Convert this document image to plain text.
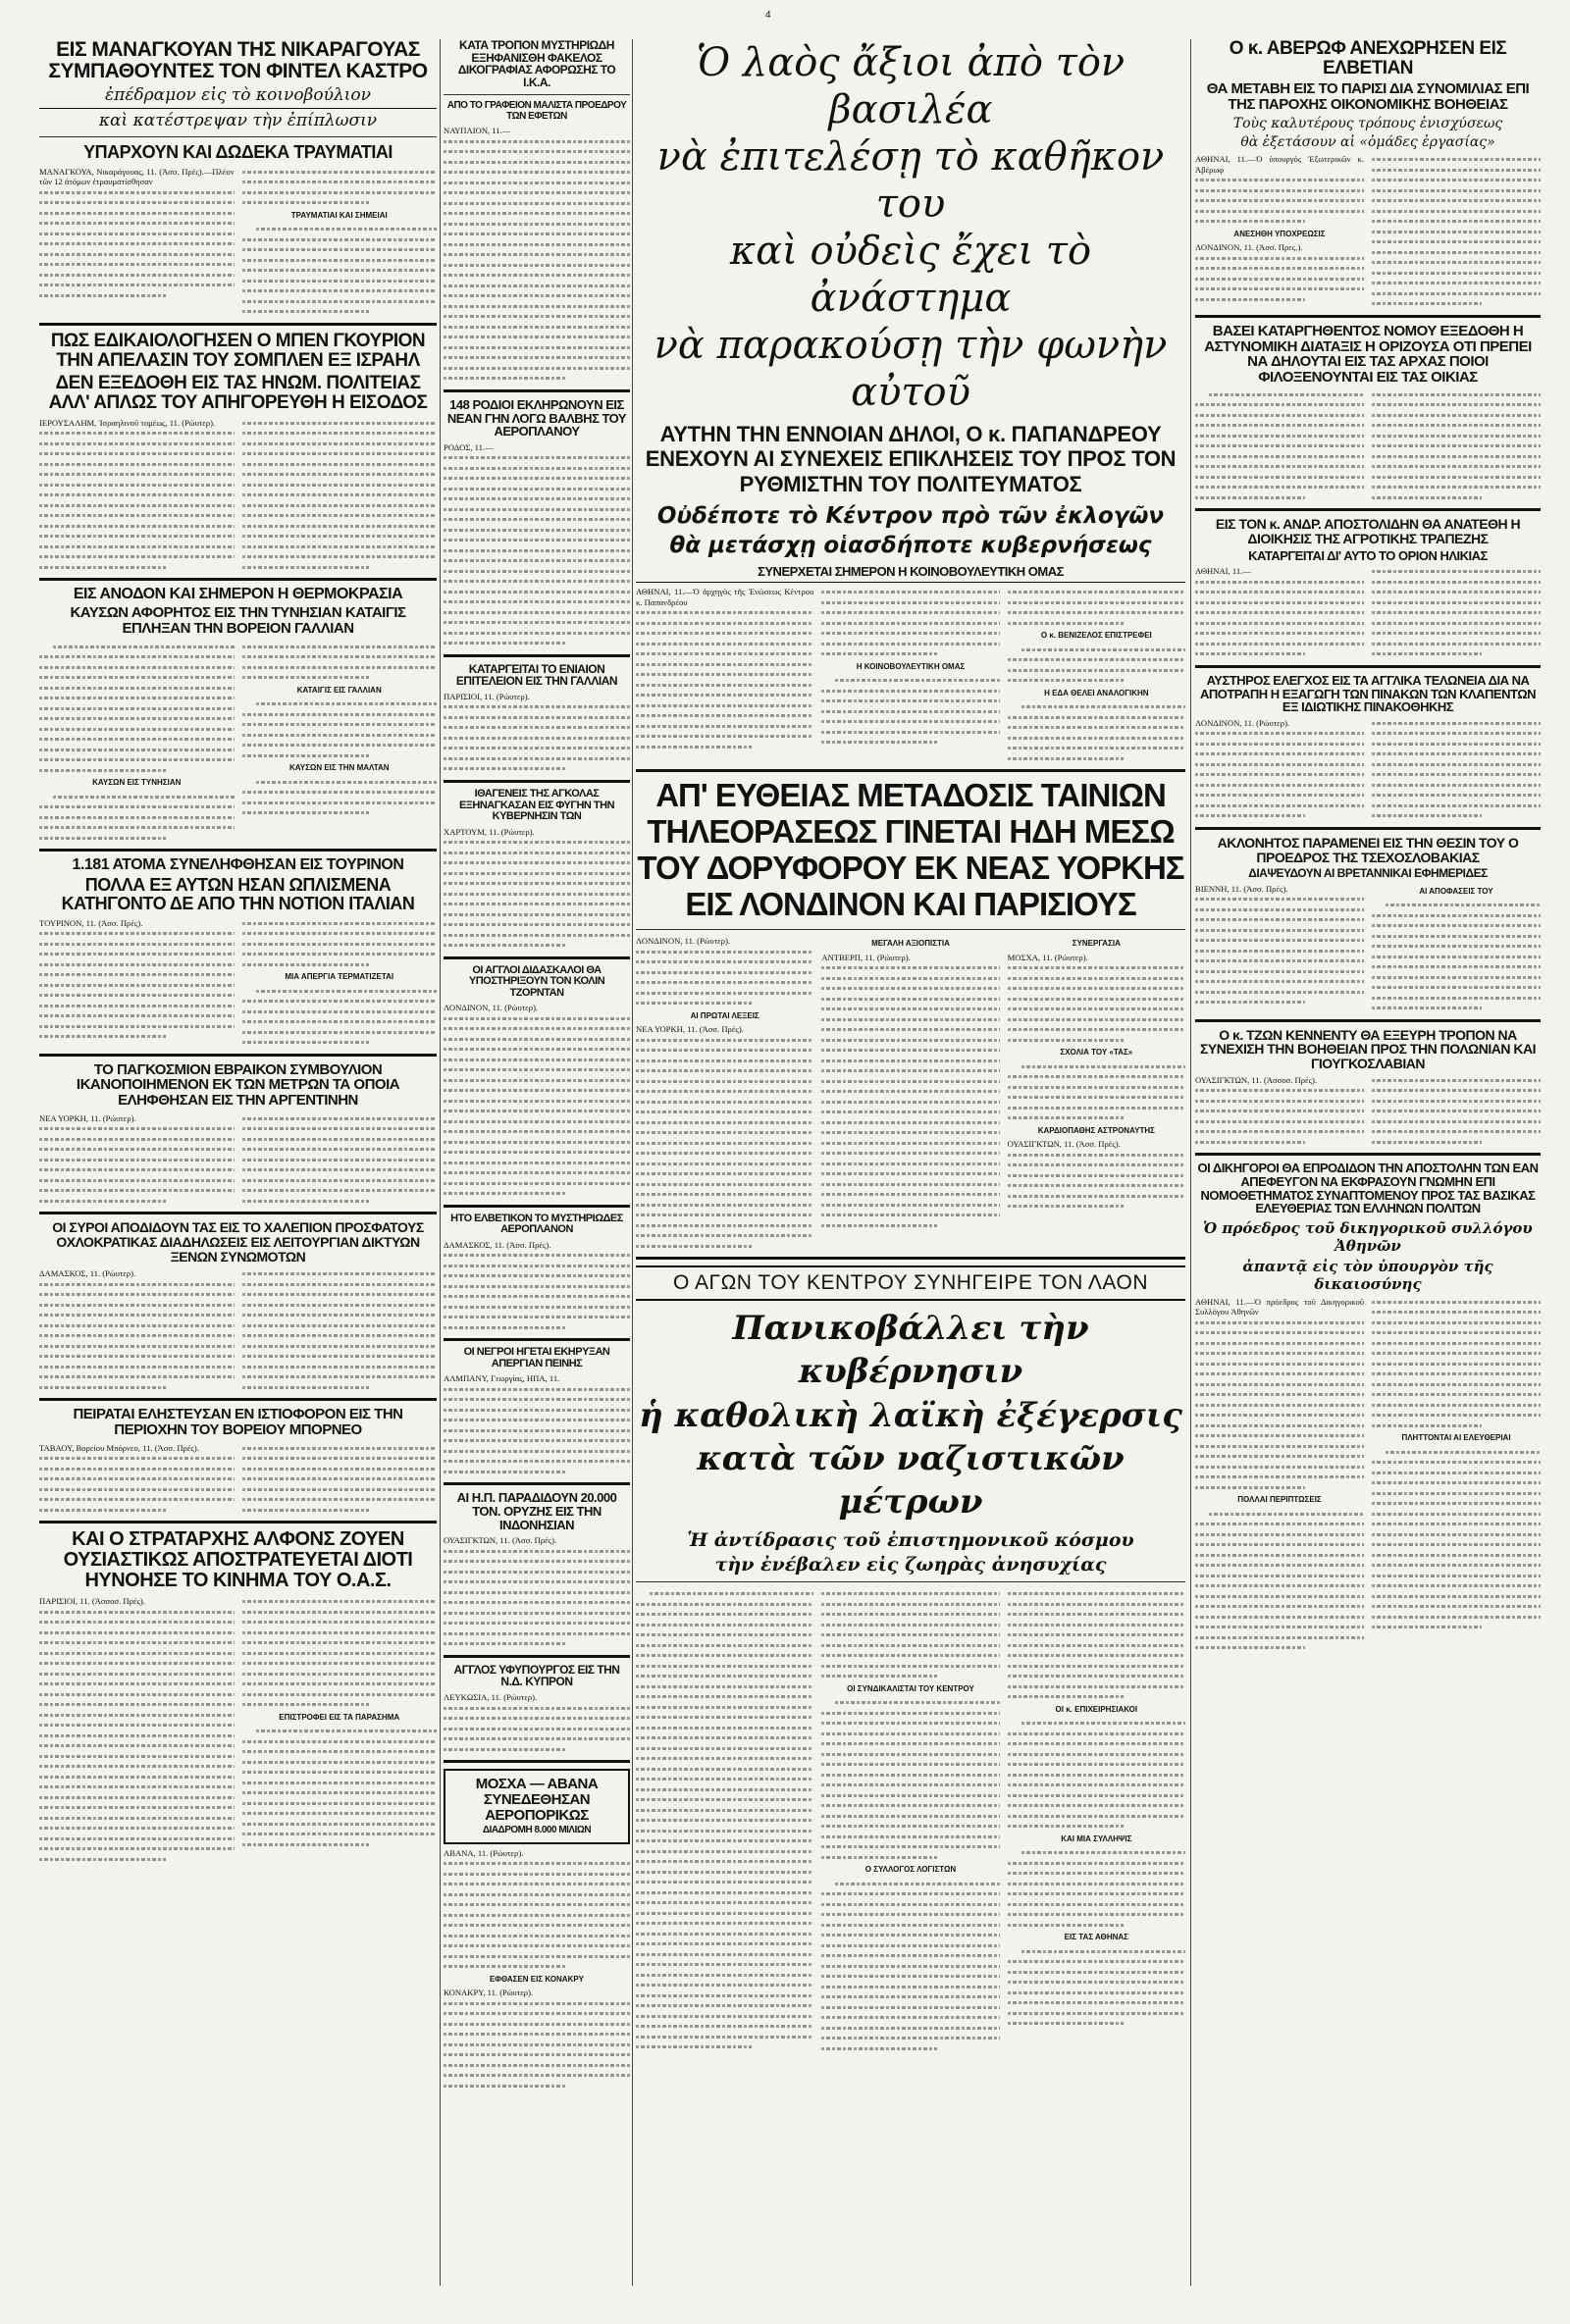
ΕΙΣ ΜΑΝΑΓΚΟΥΑΝ ΤΗΣ ΝΙΚΑΡΑΓΟΥΑΣ ΣΥΜΠΑΘΟΥΝΤΕΣ ΤΟΝ ΦΙΝΤΕΛ ΚΑΣΤΡΟ
ἐπέδραμον εἰς τὸ κοινοβούλιον
καὶ κατέστρεψαν τὴν ἐπίπλωσιν
ΥΠΑΡΧΟΥΝ ΚΑΙ ΔΩΔΕΚΑ ΤΡΑΥΜΑΤΙΑΙ
ΜΑΝΑΓΚΟΥΑ, Νικαράγουας, 11. (Ἀσσ. Πρές).—Πλέον τῶν 12 ἀτόμων ἐτραυματίσθησαν
ΤΡΑΥΜΑΤΙΑΙ ΚΑΙ ΣΗΜΕΙΑΙ
ΠΩΣ ΕΔΙΚΑΙΟΛΟΓΗΣΕΝ Ο ΜΠΕΝ ΓΚΟΥΡΙΟΝ ΤΗΝ ΑΠΕΛΑΣΙΝ ΤΟΥ ΣΟΜΠΛΕΝ ΕΞ ΙΣΡΑΗΛ
ΔΕΝ ΕΞΕΔΟΘΗ ΕΙΣ ΤΑΣ ΗΝΩΜ. ΠΟΛΙΤΕΙΑΣ ΑΛΛ' ΑΠΛΩΣ ΤΟΥ ΑΠΗΓΟΡΕΥΘΗ Η ΕΙΣΟΔΟΣ
ΙΕΡΟΥΣΑΛΗΜ, Ἰσραηλινοῦ τομέως, 11. (Ρώυτερ).
ΕΙΣ ΑΝΟΔΟΝ ΚΑΙ ΣΗΜΕΡΟΝ Η ΘΕΡΜΟΚΡΑΣΙΑ
ΚΑΥΣΩΝ ΑΦΟΡΗΤΟΣ ΕΙΣ ΤΗΝ ΤΥΝΗΣΙΑΝ ΚΑΤΑΙΓΙΣ ΕΠΛΗΞΑΝ ΤΗΝ ΒΟΡΕΙΟΝ ΓΑΛΛΙΑΝ
ΚΑΥΣΩΝ ΕΙΣ ΤΥΝΗΣΙΑΝ
ΚΑΤΑΙΓΙΣ ΕΙΣ ΓΑΛΛΙΑΝ
ΚΑΥΣΩΝ ΕΙΣ ΤΗΝ ΜΑΛΤΑΝ
1.181 ΑΤΟΜΑ ΣΥΝΕΛΗΦΘΗΣΑΝ ΕΙΣ ΤΟΥΡΙΝΟΝ
ΠΟΛΛΑ ΕΞ ΑΥΤΩΝ ΗΣΑΝ ΩΠΛΙΣΜΕΝΑ ΚΑΤΗΓΟΝΤΟ ΔΕ ΑΠΟ ΤΗΝ ΝΟΤΙΟΝ ΙΤΑΛΙΑΝ
ΤΟΥΡΙΝΟΝ, 11. (Ἀσσ. Πρές).
ΜΙΑ ΑΠΕΡΓΙΑ ΤΕΡΜΑΤΙΖΕΤΑΙ
ΤΟ ΠΑΓΚΟΣΜΙΟΝ ΕΒΡΑΙΚΟΝ ΣΥΜΒΟΥΛΙΟΝ ΙΚΑΝΟΠΟΙΗΜΕΝΟΝ ΕΚ ΤΩΝ ΜΕΤΡΩΝ ΤΑ ΟΠΟΙΑ ΕΛΗΦΘΗΣΑΝ ΕΙΣ ΤΗΝ ΑΡΓΕΝΤΙΝΗΝ
ΝΕΑ ΥΟΡΚΗ, 11. (Ρώυτερ).
ΟΙ ΣΥΡΟΙ ΑΠΟΔΙΔΟΥΝ ΤΑΣ ΕΙΣ ΤΟ ΧΑΛΕΠΙΟΝ ΠΡΟΣΦΑΤΟΥΣ ΟΧΛΟΚΡΑΤΙΚΑΣ ΔΙΑΔΗΛΩΣΕΙΣ ΕΙΣ ΛΕΙΤΟΥΡΓΙΑΝ ΔΙΚΤΥΩΝ ΞΕΝΩΝ ΣΥΝΩΜΟΤΩΝ
ΔΑΜΑΣΚΟΣ, 11. (Ρώυτερ).
ΠΕΙΡΑΤΑΙ ΕΛΗΣΤΕΥΣΑΝ ΕΝ ΙΣΤΙΟΦΟΡΟΝ ΕΙΣ ΤΗΝ ΠΕΡΙΟΧΗΝ ΤΟΥ ΒΟΡΕΙΟΥ ΜΠΟΡΝΕΟ
ΤΑΒΑΟΥ, Βορείου Μπόρνεο, 11. (Ἀσσ. Πρές).
ΚΑΙ Ο ΣΤΡΑΤΑΡΧΗΣ ΑΛΦΟΝΣ ΖΟΥΕΝ ΟΥΣΙΑΣΤΙΚΩΣ ΑΠΟΣΤΡΑΤΕΥΕΤΑΙ ΔΙΟΤΙ ΗΥΝΟΗΣΕ ΤΟ ΚΙΝΗΜΑ ΤΟΥ Ο.Α.Σ.
ΠΑΡΙΣΙΟΙ, 11. (Ἀσσοσ. Πρές).
ΕΠΙΣΤΡΟΦΕΙ ΕΙΣ ΤΑ ΠΑΡΑΣΗΜΑ
ΚΑΤΑ ΤΡΟΠΟΝ ΜΥΣΤΗΡΙΩΔΗ ΕΞΗΦΑΝΙΣΘΗ ΦΑΚΕΛΟΣ ΔΙΚΟΓΡΑΦΙΑΣ ΑΦΟΡΩΣΗΣ ΤΟ Ι.Κ.Α.
ΑΠΟ ΤΟ ΓΡΑΦΕΙΟΝ ΜΑΛΙΣΤΑ ΠΡΟΕΔΡΟΥ ΤΩΝ ΕΦΕΤΩΝ
ΝΑΥΠΛΙΟΝ, 11.—
148 ΡΟΔΙΟΙ ΕΚΛΗΡΩΝΟΥΝ ΕΙΣ ΝΕΑΝ ΓΗΝ ΛΟΓΩ ΒΑΛΒΗΣ ΤΟΥ ΑΕΡΟΠΛΑΝΟΥ
ΡΟΔΟΣ, 11.—
ΚΑΤΑΡΓΕΙΤΑΙ ΤΟ ΕΝΙΑΙΟΝ ΕΠΙΤΕΛΕΙΟΝ ΕΙΣ ΤΗΝ ΓΑΛΛΙΑΝ
ΠΑΡΙΣΙΟΙ, 11. (Ρώυτερ).
ΙΘΑΓΕΝΕΙΣ ΤΗΣ ΑΓΚΟΛΑΣ ΕΞΗΝΑΓΚΑΣΑΝ ΕΙΣ ΦΥΓΗΝ ΤΗΝ ΚΥΒΕΡΝΗΣΙΝ ΤΩΝ
ΧΑΡΤΟΥΜ, 11. (Ρώυτερ).
ΟΙ ΑΓΓΛΟΙ ΔΙΔΑΣΚΑΛΟΙ ΘΑ ΥΠΟΣΤΗΡΙΞΟΥΝ ΤΟΝ ΚΟΛΙΝ ΤΖΟΡΝΤΑΝ
ΛΟΝΔΙΝΟΝ, 11. (Ρώυτερ).
ΗΤΟ ΕΛΒΕΤΙΚΟΝ ΤΟ ΜΥΣΤΗΡΙΩΔΕΣ ΑΕΡΟΠΛΑΝΟΝ
ΔΑΜΑΣΚΟΣ, 11. (Ἀσσ. Πρές).
ΟΙ ΝΕΓΡΟΙ ΗΓΕΤΑΙ ΕΚΗΡΥΞΑΝ ΑΠΕΡΓΙΑΝ ΠΕΙΝΗΣ
ΑΛΜΠΑΝΥ, Γεωργίας, ΗΠΑ, 11.
ΑΙ Η.Π. ΠΑΡΑΔΙΔΟΥΝ 20.000 ΤΟΝ. ΟΡΥΖΗΣ ΕΙΣ ΤΗΝ ΙΝΔΟΝΗΣΙΑΝ
ΟΥΑΣΙΓΚΤΩΝ, 11. (Ἀσσ. Πρές).
ΑΓΓΛΟΣ ΥΦΥΠΟΥΡΓΟΣ ΕΙΣ ΤΗΝ Ν.Δ. ΚΥΠΡΟΝ
ΛΕΥΚΩΣΙΑ, 11. (Ρώυτερ).
ΜΟΣΧΑ — ΑΒΑΝΑ ΣΥΝΕΔΕΘΗΣΑΝ ΑΕΡΟΠΟΡΙΚΩΣ
ΔΙΑΔΡΟΜΗ 8.000 ΜΙΛΙΩΝ
ΑΒΑΝΑ, 11. (Ρώυτερ).
ΕΦΘΑΣΕΝ ΕΙΣ ΚΟΝΑΚΡΥ
ΚΟΝΑΚΡΥ, 11. (Ρώυτερ).
Ὁ λαὸς ἄξιοι ἀπὸ τὸν βασιλέα
νὰ ἐπιτελέσῃ τὸ καθῆκον του
καὶ οὐδεὶς ἔχει τὸ ἀνάστημα
νὰ παρακούσῃ τὴν φωνὴν αὐτοῦ
ΑΥΤΗΝ ΤΗΝ ΕΝΝΟΙΑΝ ΔΗΛΟΙ, Ο κ. ΠΑΠΑΝΔΡΕΟΥ ΕΝΕΧΟΥΝ ΑΙ ΣΥΝΕΧΕΙΣ ΕΠΙΚΛΗΣΕΙΣ ΤΟΥ ΠΡΟΣ ΤΟΝ ΡΥΘΜΙΣΤΗΝ ΤΟΥ ΠΟΛΙΤΕΥΜΑΤΟΣ
Οὐδέποτε τὸ Κέντρον πρὸ τῶν ἐκλογῶν
θὰ μετάσχῃ οἱασδήποτε κυβερνήσεως
ΣΥΝΕΡΧΕΤΑΙ ΣΗΜΕΡΟΝ Η ΚΟΙΝΟΒΟΥΛΕΥΤΙΚΗ ΟΜΑΣ
ΑΘΗΝΑΙ, 11.—Ὁ ἀρχηγὸς τῆς Ἑνώσεως Κέντρου κ. Παπανδρέου
Η ΚΟΙΝΟΒΟΥΛΕΥΤΙΚΗ ΟΜΑΣ
Ο κ. ΒΕΝΙΖΕΛΟΣ ΕΠΙΣΤΡΕΦΕΙ
Η ΕΔΑ ΘΕΛΕΙ ΑΝΑΛΟΓΙΚΗΝ
ΑΠ' ΕΥΘΕΙΑΣ ΜΕΤΑΔΟΣΙΣ ΤΑΙΝΙΩΝ ΤΗΛΕΟΡΑΣΕΩΣ ΓΙΝΕΤΑΙ ΗΔΗ ΜΕΣΩ ΤΟΥ ΔΟΡΥΦΟΡΟΥ ΕΚ ΝΕΑΣ ΥΟΡΚΗΣ ΕΙΣ ΛΟΝΔΙΝΟΝ ΚΑΙ ΠΑΡΙΣΙΟΥΣ
ΛΟΝΔΙΝΟΝ, 11. (Ρώυτερ).
ΑΙ ΠΡΩΤΑΙ ΛΕΞΕΙΣ
ΝΕΑ ΥΟΡΚΗ, 11. (Ἀσσ. Πρές).
ΜΕΓΑΛΗ ΑΞΙΟΠΙΣΤΙΑ
ΑΝΤΒΕΡΠ, 11. (Ρώυτερ).
ΣΥΝΕΡΓΑΣΙΑ
ΜΟΣΧΑ, 11. (Ρώυτερ).
ΣΧΟΛΙΑ ΤΟΥ «ΤΑΣ»
ΚΑΡΔΙΟΠΑΘΗΣ ΑΣΤΡΟΝΑΥΤΗΣ
ΟΥΑΣΙΓΚΤΩΝ, 11. (Ἀσσ. Πρές).
Ο ΑΓΩΝ ΤΟΥ ΚΕΝΤΡΟΥ ΣΥΝΗΓΕΙΡΕ ΤΟΝ ΛΑΟΝ
Πανικοβάλλει τὴν κυβέρνησιν
ἡ καθολικὴ λαϊκὴ ἐξέγερσις
κατὰ τῶν ναζιστικῶν μέτρων
Ἡ ἀντίδρασις τοῦ ἐπιστημονικοῦ κόσμου
τὴν ἐνέβαλεν εἰς ζωηρὰς ἀνησυχίας
ΟΙ ΣΥΝΔΙΚΑΛΙΣΤΑΙ ΤΟΥ ΚΕΝΤΡΟΥ
Ο ΣΥΛΛΟΓΟΣ ΛΟΓΙΣΤΩΝ
ΟΙ κ. ΕΠΙΧΕΙΡΗΣΙΑΚΟΙ
ΚΑΙ ΜΙΑ ΣΥΛΛΗΨΙΣ
ΕΙΣ ΤΑΣ ΑΘΗΝΑΣ
Ο κ. ΑΒΕΡΩΦ ΑΝΕΧΩΡΗΣΕΝ ΕΙΣ ΕΛΒΕΤΙΑΝ
ΘΑ ΜΕΤΑΒΗ ΕΙΣ ΤΟ ΠΑΡΙΣΙ ΔΙΑ ΣΥΝΟΜΙΛΙΑΣ ΕΠΙ ΤΗΣ ΠΑΡΟΧΗΣ ΟΙΚΟΝΟΜΙΚΗΣ ΒΟΗΘΕΙΑΣ
Τοὺς καλυτέρους τρόπους ἐνισχύσεως
θὰ ἐξετάσουν αἱ «ὁμάδες ἐργασίας»
ΑΘΗΝΑΙ, 11.—Ὁ ὑπουργὸς Ἐξωτερικῶν κ. Ἀβέρωφ
ΑΝΕΣΗΘΗ ΥΠΟΧΡΕΩΣΙΣ
ΛΟΝΔΙΝΟΝ, 11. (Ἀσσ. Πρες.).
ΒΑΣΕΙ ΚΑΤΑΡΓΗΘΕΝΤΟΣ ΝΟΜΟΥ ΕΞΕΔΟΘΗ Η ΑΣΤΥΝΟΜΙΚΗ ΔΙΑΤΑΞΙΣ Η ΟΡΙΖΟΥΣΑ ΟΤΙ ΠΡΕΠΕΙ ΝΑ ΔΗΛΟΥΤΑΙ ΕΙΣ ΤΑΣ ΑΡΧΑΣ ΠΟΙΟΙ ΦΙΛΟΞΕΝΟΥΝΤΑΙ ΕΙΣ ΤΑΣ ΟΙΚΙΑΣ
ΕΙΣ ΤΟΝ κ. ΑΝΔΡ. ΑΠΟΣΤΟΛΙΔΗΝ ΘΑ ΑΝΑΤΕΘΗ Η ΔΙΟΙΚΗΣΙΣ ΤΗΣ ΑΓΡΟΤΙΚΗΣ ΤΡΑΠΕΖΗΣ
ΚΑΤΑΡΓΕΙΤΑΙ ΔΙ' ΑΥΤΟ ΤΟ ΟΡΙΟΝ ΗΛΙΚΙΑΣ
ΑΘΗΝΑΙ, 11.—
ΑΥΣΤΗΡΟΣ ΕΛΕΓΧΟΣ ΕΙΣ ΤΑ ΑΓΓΛΙΚΑ ΤΕΛΩΝΕΙΑ ΔΙΑ ΝΑ ΑΠΟΤΡΑΠΗ Η ΕΞΑΓΩΓΗ ΤΩΝ ΠΙΝΑΚΩΝ ΤΩΝ ΚΛΑΠΕΝΤΩΝ ΕΞ ΙΔΙΩΤΙΚΗΣ ΠΙΝΑΚΟΘΗΚΗΣ
ΛΟΝΔΙΝΟΝ, 11. (Ρώυτερ).
ΑΚΛΟΝΗΤΟΣ ΠΑΡΑΜΕΝΕΙ ΕΙΣ ΤΗΝ ΘΕΣΙΝ ΤΟΥ Ο ΠΡΟΕΔΡΟΣ ΤΗΣ ΤΣΕΧΟΣΛΟΒΑΚΙΑΣ
ΔΙΑΨΕΥΔΟΥΝ ΑΙ ΒΡΕΤΑΝΝΙΚΑΙ ΕΦΗΜΕΡΙΔΕΣ
ΒΙΕΝΝΗ, 11. (Ἀσσ. Πρές).	ΑΙ ΑΠΟΦΑΣΕΙΣ ΤΟΥ
Ο κ. ΤΖΩΝ ΚΕΝΝΕΝΤΥ ΘΑ ΕΞΕΥΡΗ ΤΡΟΠΟΝ ΝΑ ΣΥΝΕΧΙΣΗ ΤΗΝ ΒΟΗΘΕΙΑΝ ΠΡΟΣ ΤΗΝ ΠΟΛΩΝΙΑΝ ΚΑΙ ΓΙΟΥΓΚΟΣΛΑΒΙΑΝ
ΟΥΑΣΙΓΚΤΩΝ, 11. (Ἀσσοσ. Πρές).
ΟΙ ΔΙΚΗΓΟΡΟΙ ΘΑ ΕΠΡΟΔΙΔΟΝ ΤΗΝ ΑΠΟΣΤΟΛΗΝ ΤΩΝ ΕΑΝ ΑΠΕΦΕΥΓΟΝ ΝΑ ΕΚΦΡΑΣΟΥΝ ΓΝΩΜΗΝ ΕΠΙ ΝΟΜΟΘΕΤΗΜΑΤΟΣ ΣΥΝΑΠΤΟΜΕΝΟΥ ΠΡΟΣ ΤΑΣ ΒΑΣΙΚΑΣ ΕΛΕΥΘΕΡΙΑΣ ΤΩΝ ΕΛΛΗΝΩΝ ΠΟΛΙΤΩΝ
Ὁ πρόεδρος τοῦ δικηγορικοῦ συλλόγου Ἀθηνῶν
ἀπαντᾷ εἰς τὸν ὑπουργὸν τῆς δικαιοσύνης
ΑΘΗΝΑΙ, 11.—Ὁ πρόεδρος τοῦ Δικηγορικοῦ Συλλόγου Ἀθηνῶν
ΠΟΛΛΑΙ ΠΕΡΙΠΤΩΣΕΙΣ
ΠΛΗΤΤΟΝΤΑΙ ΑΙ ΕΛΕΥΘΕΡΙΑΙ
4
